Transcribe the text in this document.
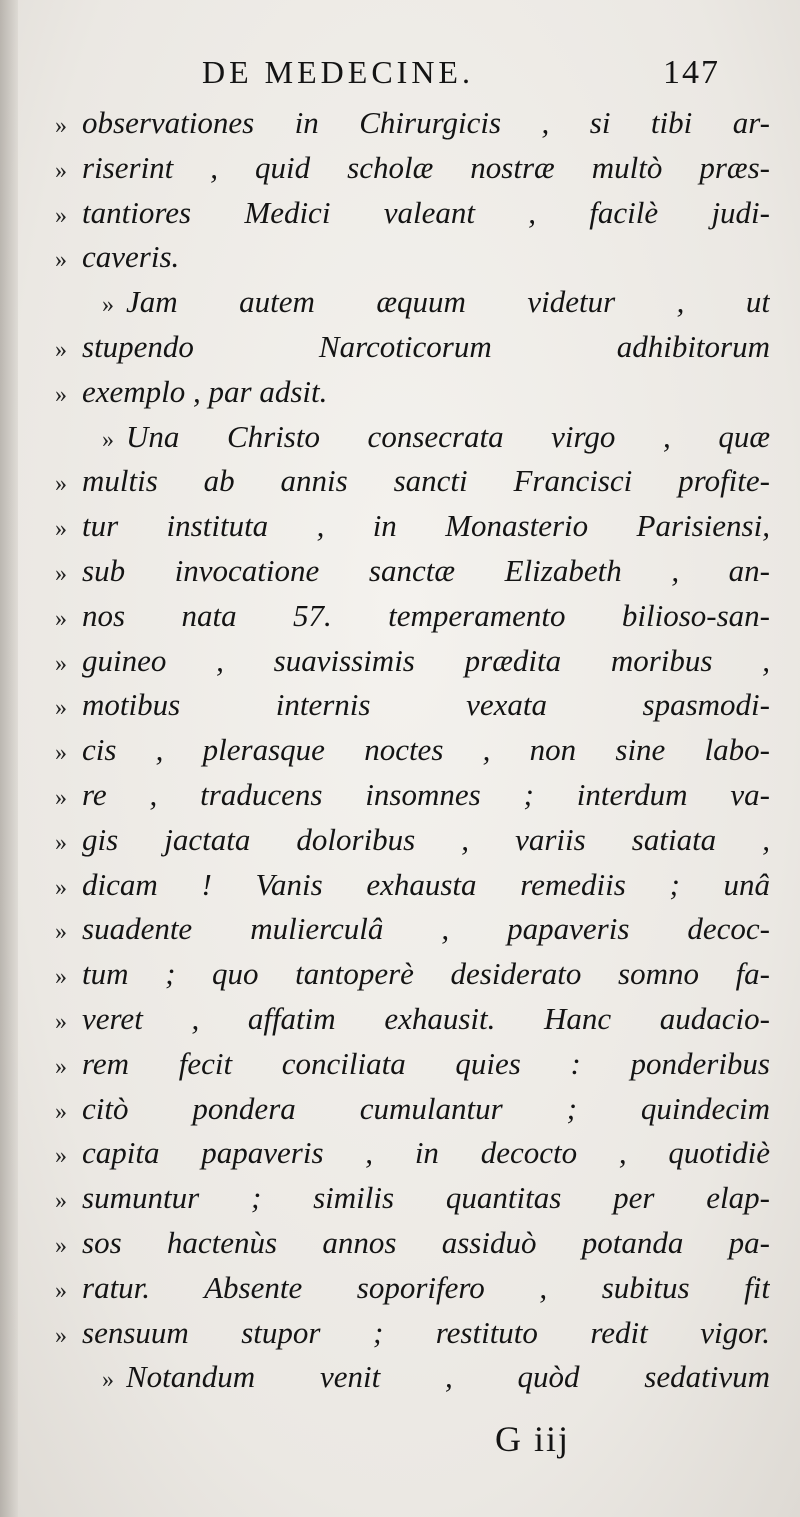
DE MEDECINE.	147
» observationes in Chirurgicis , si tibi ar-
» riserint , quid scholæ nostræ multò præs-
» tantiores Medici valeant , facilè judi-
» caveris.
» Jam autem æquum videtur , ut
» stupendo Narcoticorum adhibitorum
» exemplo , par adsit.
» Una Christo consecrata virgo , quæ
» multis ab annis sancti Francisci profite-
» tur instituta , in Monasterio Parisiensi,
» sub invocatione sanctæ Elizabeth , an-
» nos nata 57. temperamento bilioso-san-
» guineo , suavissimis prædita moribus ,
» motibus internis vexata spasmodi-
» cis , plerasque noctes , non sine labo-
» re , traducens insomnes ; interdum va-
» gis jactata doloribus , variis satiata ,
» dicam ! Vanis exhausta remediis ; unâ
» suadente mulierculâ , papaveris decoc-
» tum ; quo tantoperè desiderato somno fa-
» veret , affatim exhausit. Hanc audacio-
» rem fecit conciliata quies : ponderibus
» citò pondera cumulantur ; quindecim
» capita papaveris , in decocto , quotidiè
» sumuntur ; similis quantitas per elap-
» sos hactenùs annos assiduò potanda pa-
» ratur. Absente soporifero , subitus fit
» sensuum stupor ; restituto redit vigor.
» Notandum venit , quòd sedativum
G iij
